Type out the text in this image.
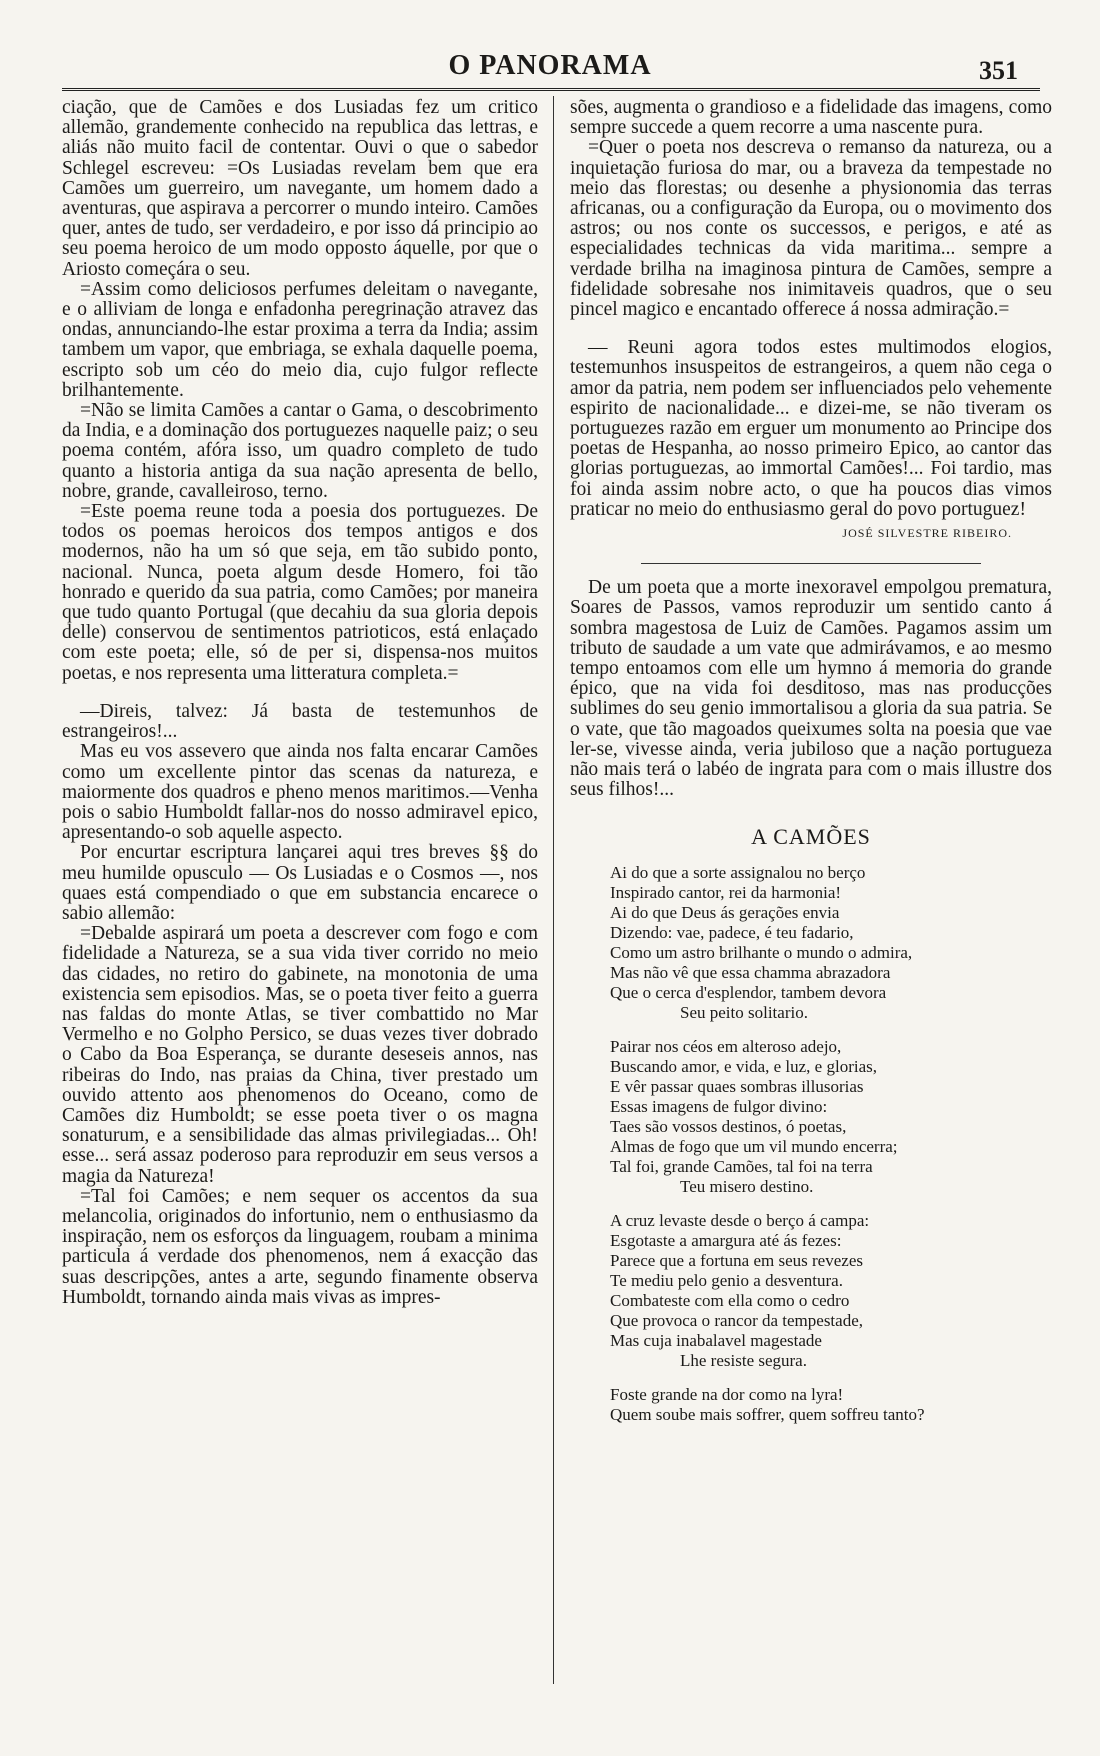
O PANORAMA	351

ciação, que de Camões e dos Lusiadas fez um critico allemão, grandemente conhecido na republica das lettras, e aliás não muito facil de contentar. Ouvi o que o sabedor Schlegel escreveu: =Os Lusiadas revelam bem que era Camões um guerreiro, um navegante, um homem dado a aventuras, que aspirava a percorrer o mundo inteiro. Camões quer, antes de tudo, ser verdadeiro, e por isso dá principio ao seu poema heroico de um modo opposto áquelle, por que o Ariosto começára o seu.

=Assim como deliciosos perfumes deleitam o navegante, e o alliviam de longa e enfadonha peregrinação atravez das ondas, annunciando-lhe estar proxima a terra da India; assim tambem um vapor, que embriaga, se exhala daquelle poema, escripto sob um céo do meio dia, cujo fulgor reflecte brilhantemente.

=Não se limita Camões a cantar o Gama, o descobrimento da India, e a dominação dos portuguezes naquelle paiz; o seu poema contém, afóra isso, um quadro completo de tudo quanto a historia antiga da sua nação apresenta de bello, nobre, grande, cavalleiroso, terno.

=Este poema reune toda a poesia dos portuguezes. De todos os poemas heroicos dos tempos antigos e dos modernos, não ha um só que seja, em tão subido ponto, nacional. Nunca, poeta algum desde Homero, foi tão honrado e querido da sua patria, como Camões; por maneira que tudo quanto Portugal (que decahiu da sua gloria depois delle) conservou de sentimentos patrioticos, está enlaçado com este poeta; elle, só de per si, dispensa-nos muitos poetas, e nos representa uma litteratura completa.=

—Direis, talvez: Já basta de testemunhos de estrangeiros!...

Mas eu vos assevero que ainda nos falta encarar Camões como um excellente pintor das scenas da natureza, e maiormente dos quadros e pheno menos maritimos.—Venha pois o sabio Humboldt fallar-nos do nosso admiravel epico, apresentando-o sob aquelle aspecto.

Por encurtar escriptura lançarei aqui tres breves §§ do meu humilde opusculo — Os Lusiadas e o Cosmos —, nos quaes está compendiado o que em substancia encarece o sabio allemão:

=Debalde aspirará um poeta a descrever com fogo e com fidelidade a Natureza, se a sua vida tiver corrido no meio das cidades, no retiro do gabinete, na monotonia de uma existencia sem episodios. Mas, se o poeta tiver feito a guerra nas faldas do monte Atlas, se tiver combattido no Mar Vermelho e no Golpho Persico, se duas vezes tiver dobrado o Cabo da Boa Esperança, se durante deseseis annos, nas ribeiras do Indo, nas praias da China, tiver prestado um ouvido attento aos phenomenos do Oceano, como de Camões diz Humboldt; se esse poeta tiver o os magna sonaturum, e a sensibilidade das almas privilegiadas... Oh! esse... será assaz poderoso para reproduzir em seus versos a magia da Natureza!

=Tal foi Camões; e nem sequer os accentos da sua melancolia, originados do infortunio, nem o enthusiasmo da inspiração, nem os esforços da linguagem, roubam a minima particula á verdade dos phenomenos, nem á exacção das suas descripções, antes a arte, segundo finamente observa Humboldt, tornando ainda mais vivas as impres-

sões, augmenta o grandioso e a fidelidade das imagens, como sempre succede a quem recorre a uma nascente pura.

=Quer o poeta nos descreva o remanso da natureza, ou a inquietação furiosa do mar, ou a braveza da tempestade no meio das florestas; ou desenhe a physionomia das terras africanas, ou a configuração da Europa, ou o movimento dos astros; ou nos conte os successos, e perigos, e até as especialidades technicas da vida maritima... sempre a verdade brilha na imaginosa pintura de Camões, sempre a fidelidade sobresahe nos inimitaveis quadros, que o seu pincel magico e encantado offerece á nossa admiração.=

— Reuni agora todos estes multimodos elogios, testemunhos insuspeitos de estrangeiros, a quem não cega o amor da patria, nem podem ser influenciados pelo vehemente espirito de nacionalidade... e dizei-me, se não tiveram os portuguezes razão em erguer um monumento ao Principe dos poetas de Hespanha, ao nosso primeiro Epico, ao cantor das glorias portuguezas, ao immortal Camões!... Foi tardio, mas foi ainda assim nobre acto, o que ha poucos dias vimos praticar no meio do enthusiasmo geral do povo portuguez!

JOSÉ SILVESTRE RIBEIRO.

De um poeta que a morte inexoravel empolgou prematura, Soares de Passos, vamos reproduzir um sentido canto á sombra magestosa de Luiz de Camões. Pagamos assim um tributo de saudade a um vate que admirávamos, e ao mesmo tempo entoamos com elle um hymno á memoria do grande épico, que na vida foi desditoso, mas nas producções sublimes do seu genio immortalisou a gloria da sua patria. Se o vate, que tão magoados queixumes solta na poesia que vae ler-se, vivesse ainda, veria jubiloso que a nação portugueza não mais terá o labéo de ingrata para com o mais illustre dos seus filhos!...

A CAMÕES
Ai do que a sorte assignalou no berço
Inspirado cantor, rei da harmonia!
Ai do que Deus ás gerações envia
Dizendo: vae, padece, é teu fadario,
Como um astro brilhante o mundo o admira,
Mas não vê que essa chamma abrazadora
Que o cerca d'esplendor, tambem devora
Seu peito solitario.
Pairar nos céos em alteroso adejo,
Buscando amor, e vida, e luz, e glorias,
E vêr passar quaes sombras illusorias
Essas imagens de fulgor divino:
Taes são vossos destinos, ó poetas,
Almas de fogo que um vil mundo encerra;
Tal foi, grande Camões, tal foi na terra
Teu misero destino.
A cruz levaste desde o berço á campa:
Esgotaste a amargura até ás fezes:
Parece que a fortuna em seus revezes
Te mediu pelo genio a desventura.
Combateste com ella como o cedro
Que provoca o rancor da tempestade,
Mas cuja inabalavel magestade
Lhe resiste segura.
Foste grande na dor como na lyra!
Quem soube mais soffrer, quem soffreu tanto?
